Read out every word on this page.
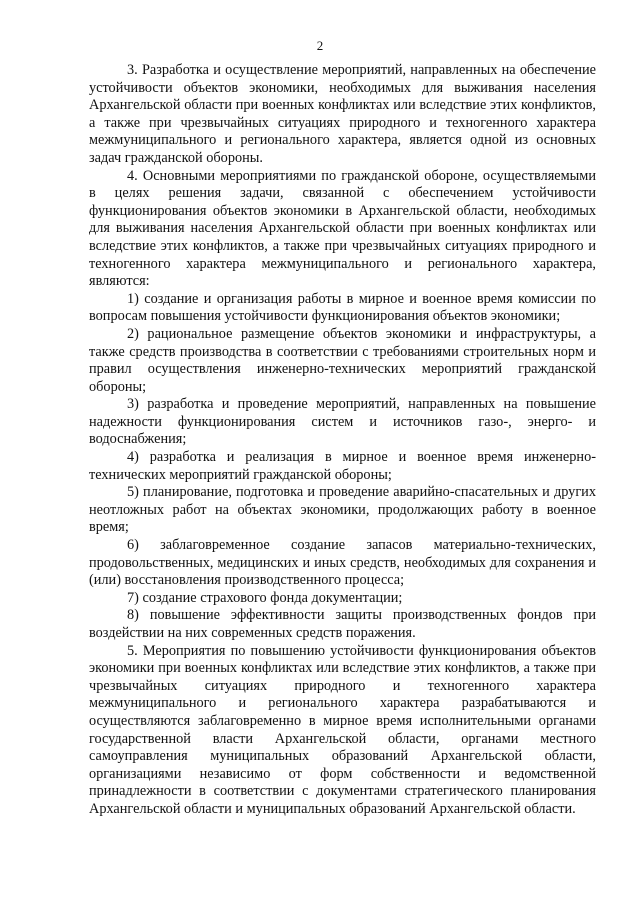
2

3. Разработка и осуществление мероприятий, направленных на обеспечение устойчивости объектов экономики, необходимых для выживания населения Архангельской области при военных конфликтах или вследствие этих конфликтов, а также при чрезвычайных ситуациях природного и техногенного характера межмуниципального и регионального характера, является одной из основных задач гражданской обороны.

4. Основными мероприятиями по гражданской обороне, осуществляемыми в целях решения задачи, связанной с обеспечением устойчивости функционирования объектов экономики в Архангельской области, необходимых для выживания населения Архангельской области при военных конфликтах или вследствие этих конфликтов, а также при чрезвычайных ситуациях природного и техногенного характера межмуниципального и регионального характера, являются:

1) создание и организация работы в мирное и военное время комиссии по вопросам повышения устойчивости функционирования объектов экономики;

2) рациональное размещение объектов экономики и инфраструктуры, а также средств производства в соответствии с требованиями строительных норм и правил осуществления инженерно-технических мероприятий гражданской обороны;

3) разработка и проведение мероприятий, направленных на повышение надежности функционирования систем и источников газо-, энерго- и водоснабжения;

4) разработка и реализация в мирное и военное время инженерно-технических мероприятий гражданской обороны;

5) планирование, подготовка и проведение аварийно-спасательных и других неотложных работ на объектах экономики, продолжающих работу в военное время;

6) заблаговременное создание запасов материально-технических, продовольственных, медицинских и иных средств, необходимых для сохранения и (или) восстановления производственного процесса;

7) создание страхового фонда документации;

8) повышение эффективности защиты производственных фондов при воздействии на них современных средств поражения.

5. Мероприятия по повышению устойчивости функционирования объектов экономики при военных конфликтах или вследствие этих конфликтов, а также при чрезвычайных ситуациях природного и техногенного характера межмуниципального и регионального характера разрабатываются и осуществляются заблаговременно в мирное время исполнительными органами государственной власти Архангельской области, органами местного самоуправления муниципальных образований Архангельской области, организациями независимо от форм собственности и ведомственной принадлежности в соответствии с документами стратегического планирования Архангельской области и муниципальных образований Архангельской области.
